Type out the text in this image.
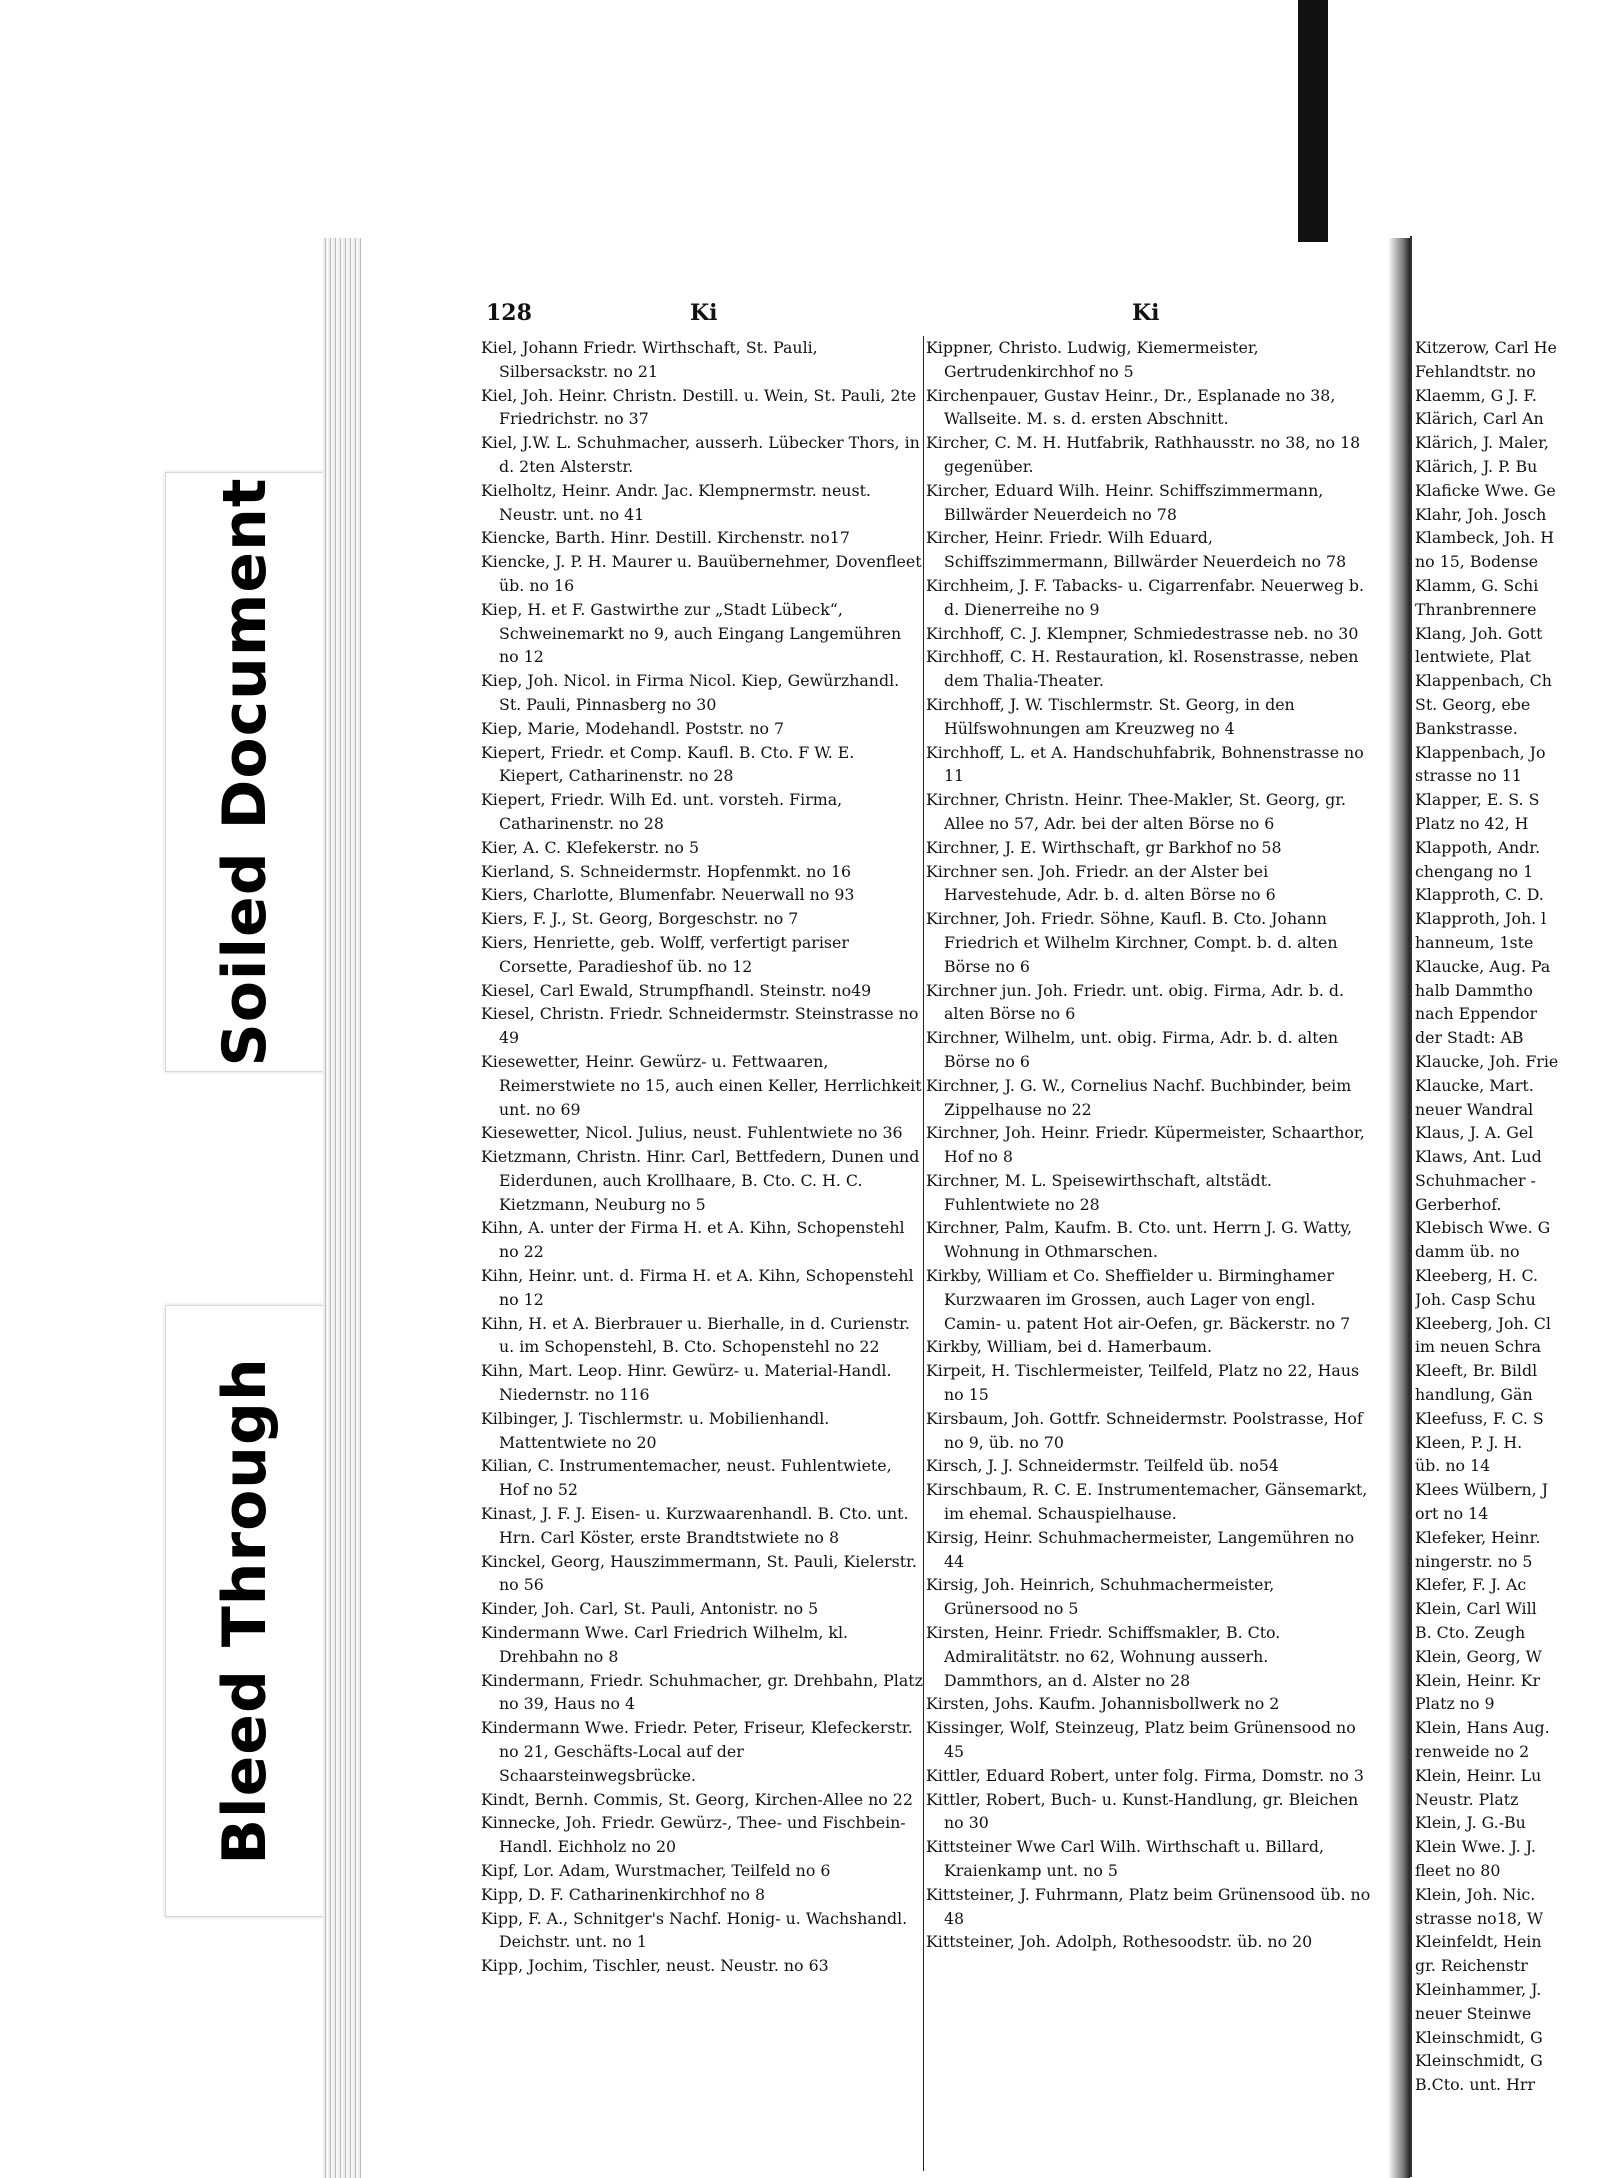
Soiled Document
Bleed Through
128	Ki	Ki
Kiel, Johann Friedr. Wirthschaft, St. Pauli, Silbersackstr. no 21
Kiel, Joh. Heinr. Christn. Destill. u. Wein, St. Pauli, 2te Friedrichstr. no 37
Kiel, J.W. L. Schuhmacher, ausserh. Lübecker Thors, in d. 2ten Alsterstr.
Kielholtz, Heinr. Andr. Jac. Klempnermstr. neust. Neustr. unt. no 41
Kiencke, Barth. Hinr. Destill. Kirchenstr. no17
Kiencke, J. P. H. Maurer u. Bauübernehmer, Dovenfleet üb. no 16
Kiep, H. et F. Gastwirthe zur „Stadt Lübeck“, Schweinemarkt no 9, auch Eingang Langemühren no 12
Kiep, Joh. Nicol. in Firma Nicol. Kiep, Gewürzhandl. St. Pauli, Pinnasberg no 30
Kiep, Marie, Modehandl. Poststr. no 7
Kiepert, Friedr. et Comp. Kaufl. B. Cto. F W. E. Kiepert, Catharinenstr. no 28
Kiepert, Friedr. Wilh Ed. unt. vorsteh. Firma, Catharinenstr. no 28
Kier, A. C. Klefekerstr. no 5
Kierland, S. Schneidermstr. Hopfenmkt. no 16
Kiers, Charlotte, Blumenfabr. Neuerwall no 93
Kiers, F. J., St. Georg, Borgeschstr. no 7
Kiers, Henriette, geb. Wolff, verfertigt pariser Corsette, Paradieshof üb. no 12
Kiesel, Carl Ewald, Strumpfhandl. Steinstr. no49
Kiesel, Christn. Friedr. Schneidermstr. Steinstrasse no 49
Kiesewetter, Heinr. Gewürz- u. Fettwaaren, Reimerstwiete no 15, auch einen Keller, Herrlichkeit unt. no 69
Kiesewetter, Nicol. Julius, neust. Fuhlentwiete no 36
Kietzmann, Christn. Hinr. Carl, Bettfedern, Dunen und Eiderdunen, auch Krollhaare, B. Cto. C. H. C. Kietzmann, Neuburg no 5
Kihn, A. unter der Firma H. et A. Kihn, Schopenstehl no 22
Kihn, Heinr. unt. d. Firma H. et A. Kihn, Schopenstehl no 12
Kihn, H. et A. Bierbrauer u. Bierhalle, in d. Curienstr. u. im Schopenstehl, B. Cto. Schopenstehl no 22
Kihn, Mart. Leop. Hinr. Gewürz- u. Material-Handl. Niedernstr. no 116
Kilbinger, J. Tischlermstr. u. Mobilienhandl. Mattentwiete no 20
Kilian, C. Instrumentemacher, neust. Fuhlentwiete, Hof no 52
Kinast, J. F. J. Eisen- u. Kurzwaarenhandl. B. Cto. unt. Hrn. Carl Köster, erste Brandtstwiete no 8
Kinckel, Georg, Hauszimmermann, St. Pauli, Kielerstr. no 56
Kinder, Joh. Carl, St. Pauli, Antonistr. no 5
Kindermann Wwe. Carl Friedrich Wilhelm, kl. Drehbahn no 8
Kindermann, Friedr. Schuhmacher, gr. Drehbahn, Platz no 39, Haus no 4
Kindermann Wwe. Friedr. Peter, Friseur, Klefeckerstr. no 21, Geschäfts-Local auf der Schaarsteinwegsbrücke.
Kindt, Bernh. Commis, St. Georg, Kirchen-Allee no 22
Kinnecke, Joh. Friedr. Gewürz-, Thee- und Fischbein-Handl. Eichholz no 20
Kipf, Lor. Adam, Wurstmacher, Teilfeld no 6
Kipp, D. F. Catharinenkirchhof no 8
Kipp, F. A., Schnitger's Nachf. Honig- u. Wachshandl. Deichstr. unt. no 1
Kipp, Jochim, Tischler, neust. Neustr. no 63
Kippner, Christo. Ludwig, Kiemermeister, Gertrudenkirchhof no 5
Kirchenpauer, Gustav Heinr., Dr., Esplanade no 38, Wallseite. M. s. d. ersten Abschnitt.
Kircher, C. M. H. Hutfabrik, Rathhausstr. no 38, no 18 gegenüber.
Kircher, Eduard Wilh. Heinr. Schiffszimmermann, Billwärder Neuerdeich no 78
Kircher, Heinr. Friedr. Wilh Eduard, Schiffszimmermann, Billwärder Neuerdeich no 78
Kirchheim, J. F. Tabacks- u. Cigarrenfabr. Neuerweg b. d. Dienerreihe no 9
Kirchhoff, C. J. Klempner, Schmiedestrasse neb. no 30
Kirchhoff, C. H. Restauration, kl. Rosenstrasse, neben dem Thalia-Theater.
Kirchhoff, J. W. Tischlermstr. St. Georg, in den Hülfswohnungen am Kreuzweg no 4
Kirchhoff, L. et A. Handschuhfabrik, Bohnenstrasse no 11
Kirchner, Christn. Heinr. Thee-Makler, St. Georg, gr. Allee no 57, Adr. bei der alten Börse no 6
Kirchner, J. E. Wirthschaft, gr Barkhof no 58
Kirchner sen. Joh. Friedr. an der Alster bei Harvestehude, Adr. b. d. alten Börse no 6
Kirchner, Joh. Friedr. Söhne, Kaufl. B. Cto. Johann Friedrich et Wilhelm Kirchner, Compt. b. d. alten Börse no 6
Kirchner jun. Joh. Friedr. unt. obig. Firma, Adr. b. d. alten Börse no 6
Kirchner, Wilhelm, unt. obig. Firma, Adr. b. d. alten Börse no 6
Kirchner, J. G. W., Cornelius Nachf. Buchbinder, beim Zippelhause no 22
Kirchner, Joh. Heinr. Friedr. Küpermeister, Schaarthor, Hof no 8
Kirchner, M. L. Speisewirthschaft, altstädt. Fuhlentwiete no 28
Kirchner, Palm, Kaufm. B. Cto. unt. Herrn J. G. Watty, Wohnung in Othmarschen.
Kirkby, William et Co. Sheffielder u. Birminghamer Kurzwaaren im Grossen, auch Lager von engl. Camin- u. patent Hot air-Oefen, gr. Bäckerstr. no 7
Kirkby, William, bei d. Hamerbaum.
Kirpeit, H. Tischlermeister, Teilfeld, Platz no 22, Haus no 15
Kirsbaum, Joh. Gottfr. Schneidermstr. Poolstrasse, Hof no 9, üb. no 70
Kirsch, J. J. Schneidermstr. Teilfeld üb. no54
Kirschbaum, R. C. E. Instrumentemacher, Gänsemarkt, im ehemal. Schauspielhause.
Kirsig, Heinr. Schuhmachermeister, Langemühren no 44
Kirsig, Joh. Heinrich, Schuhmachermeister, Grünersood no 5
Kirsten, Heinr. Friedr. Schiffsmakler, B. Cto. Admiralitätstr. no 62, Wohnung ausserh. Dammthors, an d. Alster no 28
Kirsten, Johs. Kaufm. Johannisbollwerk no 2
Kissinger, Wolf, Steinzeug, Platz beim Grünensood no 45
Kittler, Eduard Robert, unter folg. Firma, Domstr. no 3
Kittler, Robert, Buch- u. Kunst-Handlung, gr. Bleichen no 30
Kittsteiner Wwe Carl Wilh. Wirthschaft u. Billard, Kraienkamp unt. no 5
Kittsteiner, J. Fuhrmann, Platz beim Grünensood üb. no 48
Kittsteiner, Joh. Adolph, Rothesoodstr. üb. no 20
Kitzerow, Carl He
Fehlandtstr. no
Klaemm, G J. F.
Klärich, Carl An
Klärich, J. Maler,
Klärich, J. P. Bu
Klaficke Wwe. Ge
Klahr, Joh. Josch
Klambeck, Joh. H
no 15, Bodense
Klamm, G. Schi
Thranbrennere
Klang, Joh. Gott
lentwiete, Plat
Klappenbach, Ch
St. Georg, ebe
Bankstrasse.
Klappenbach, Jo
strasse no 11
Klapper, E. S. S
Platz no 42, H
Klappoth, Andr.
chengang no 1
Klapproth, C. D.
Klapproth, Joh. l
hanneum, 1ste
Klaucke, Aug. Pa
halb Dammtho
nach Eppendor
der Stadt: AB
Klaucke, Joh. Frie
Klaucke, Mart.
neuer Wandral
Klaus, J. A. Gel
Klaws, Ant. Lud
Schuhmacher -
Gerberhof.
Klebisch Wwe. G
damm üb. no
Kleeberg, H. C.
Joh. Casp Schu
Kleeberg, Joh. Cl
im neuen Schra
Kleeft, Br. Bildl
handlung, Gän
Kleefuss, F. C. S
Kleen, P. J. H.
üb. no 14
Klees Wülbern, J
ort no 14
Klefeker, Heinr.
ningerstr. no 5
Klefer, F. J. Ac
Klein, Carl Will
B. Cto. Zeugh
Klein, Georg, W
Klein, Heinr. Kr
Platz no 9
Klein, Hans Aug.
renweide no 2
Klein, Heinr. Lu
Neustr. Platz
Klein, J. G.-Bu
Klein Wwe. J. J.
fleet no 80
Klein, Joh. Nic.
strasse no18, W
Kleinfeldt, Hein
gr. Reichenstr
Kleinhammer, J.
neuer Steinwe
Kleinschmidt, G
Kleinschmidt, G
B.Cto. unt. Hrr
